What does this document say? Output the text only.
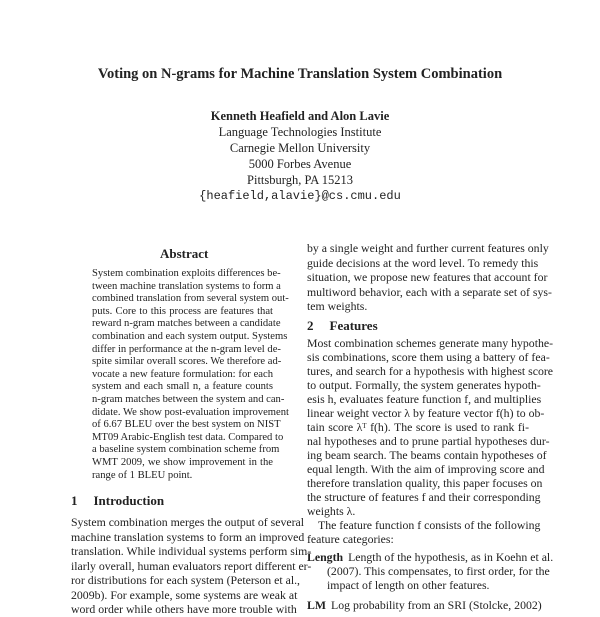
Voting on N-grams for Machine Translation System Combination
Kenneth Heafield and Alon Lavie
Language Technologies Institute
Carnegie Mellon University
5000 Forbes Avenue
Pittsburgh, PA 15213
{heafield,alavie}@cs.cmu.edu
Abstract
System combination exploits differences be-
tween machine translation systems to form a
combined translation from several system out-
puts. Core to this process are features that
reward n-gram matches between a candidate
combination and each system output. Systems
differ in performance at the n-gram level de-
spite similar overall scores. We therefore ad-
vocate a new feature formulation: for each
system and each small n, a feature counts
n-gram matches between the system and can-
didate. We show post-evaluation improvement
of 6.67 BLEU over the best system on NIST
MT09 Arabic-English test data. Compared to
a baseline system combination scheme from
WMT 2009, we show improvement in the
range of 1 BLEU point.
1 Introduction
System combination merges the output of several
machine translation systems to form an improved
translation. While individual systems perform sim-
ilarly overall, human evaluators report different er-
ror distributions for each system (Peterson et al.,
2009b). For example, some systems are weak at
word order while others have more trouble with
by a single weight and further current features only
guide decisions at the word level. To remedy this
situation, we propose new features that account for
multiword behavior, each with a separate set of sys-
tem weights.
2 Features
Most combination schemes generate many hypothe-
sis combinations, score them using a battery of fea-
tures, and search for a hypothesis with highest score
to output. Formally, the system generates hypoth-
esis h, evaluates feature function f, and multiplies
linear weight vector λ by feature vector f(h) to ob-
tain score λᵀ f(h). The score is used to rank fi-
nal hypotheses and to prune partial hypotheses dur-
ing beam search. The beams contain hypotheses of
equal length. With the aim of improving score and
therefore translation quality, this paper focuses on
the structure of features f and their corresponding
weights λ.
The feature function f consists of the following
feature categories:
Length Length of the hypothesis, as in Koehn et al.
(2007). This compensates, to first order, for the
impact of length on other features.
LM Log probability from an SRI (Stolcke, 2002)
